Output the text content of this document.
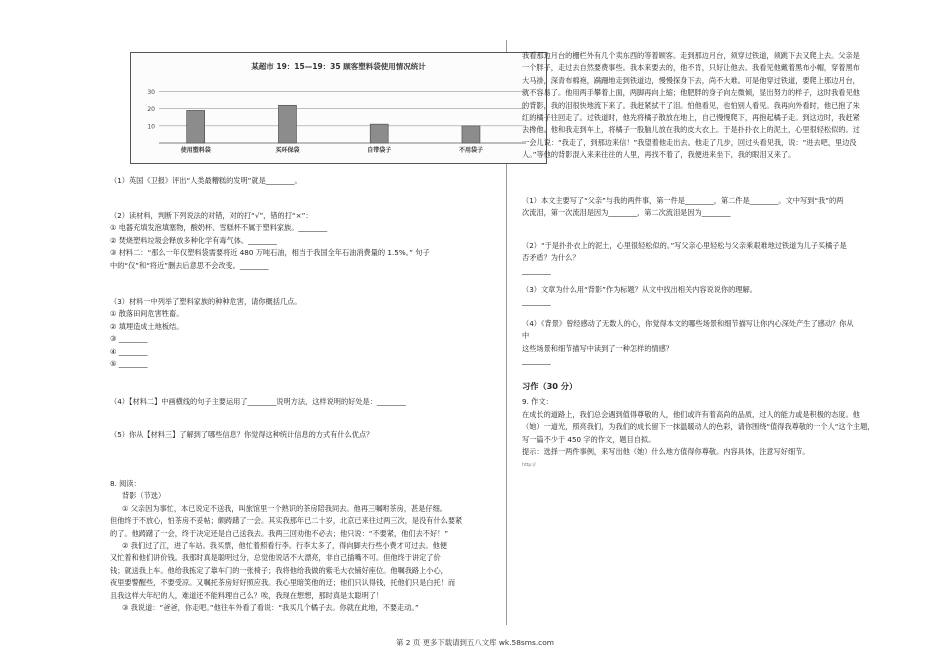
某超市 19：15—19：35 顾客塑料袋使用情况统计
30
20
10
使用塑料袋	买环保袋	自带袋子	不用袋子
（1）英国《卫报》评出“人类最糟糕的发明”就是________。
（2）读材料，判断下列说法的对错，对的打“√”，错的打“×”：
① 电器充填发泡填塞物，酸奶杯、雪糕杯不属于塑料家族。________
② 焚烧塑料垃圾会释放多种化学有毒气体。________
③ 材料二：“那么一年仅塑料袋需要将近 480 万吨石油，相当于我国全年石油消费量的 1.5%。” 句子
中的“仅”和“将近”删去后意思不会改变。________
（3）材料一中列举了塑料家族的种种危害，请你概括几点。
① 散落田间危害牲畜。
② 填埋造成土地板结。
③ ________
④ ________
⑤ ________
（4）【材料二】中画横线的句子主要运用了________说明方法，这样说明的好处是：________
（5）你从【材料三】了解到了哪些信息？你觉得这种统计信息的方式有什么优点？
8. 阅读：
背影（节选）
① 父亲因为事忙，本已说定不送我，叫旅馆里一个熟识的茶房陪我同去。他再三嘱咐茶房，甚是仔细。
但他终于不放心，怕茶房不妥帖；颇踌躇了一会。其实我那年已二十岁，北京已来往过两三次，是没有什么要紧
的了。他踌躇了一会，终于决定还是自己送我去。我两三回劝他不必去；他只说：“不要紧，他们去不好！”
② 我们过了江，进了车站。我买票，他忙着照看行李。行李太多了，得向脚夫行些小费才可过去。他便
又忙着和他们讲价钱。我那时真是聪明过分，总觉他说话不大漂亮，非自己插嘴不可。但他终于讲定了价
钱；就送我上车。他给我拣定了靠车门的一张椅子；我将他给我做的紫毛大衣铺好座位。他嘱我路上小心，
夜里要警醒些，不要受凉。又嘱托茶房好好照应我。我心里暗笑他的迂；他们只认得钱，托他们只是白托！而
且我这样大年纪的人，难道还不能料理自己么？唉，我现在想想，那时真是太聪明了！
③ 我说道：“爸爸，你走吧。”他往车外看了看说：“我买几个橘子去。你就在此地，不要走动。”
我看那边月台的栅栏外有几个卖东西的等着顾客。走到那边月台，须穿过铁道，须跳下去又爬上去。父亲是
一个胖子，走过去自然要费事些。我本来要去的，他不肯，只好让他去。我看见他戴着黑布小帽，穿着黑布
大马褂，深青布棉袍，蹒跚地走到铁道边，慢慢探身下去，尚不大难。可是他穿过铁道，要爬上那边月台，
就不容易了。他用两手攀着上面，两脚再向上缩；他肥胖的身子向左微倾，显出努力的样子，这时我看见他
的背影，我的泪很快地流下来了。我赶紧拭干了泪。怕他看见，也怕别人看见。我再向外看时，他已抱了朱
红的橘子往回走了。过铁道时，他先将橘子散放在地上，自己慢慢爬下，再抱起橘子走。到这边时，我赶紧
去搀他。他和我走到车上，将橘子一股脑儿放在我的皮大衣上。于是扑扑衣上的泥土，心里很轻松似的。过
一会儿说：“我走了，到那边来信！”我望着他走出去。他走了几步，回过头看见我，说：“进去吧，里边没
人。”等他的背影混入来来往往的人里，再找不着了，我便进来坐下，我的眼泪又来了。
（1）本文主要写了“父亲”与我的两件事，第一件是________，第二件是________。文中写到“我”的两
次流泪，第一次流泪是因为________，第二次流泪是因为________
（2）“于是扑扑衣上的泥土，心里很轻松似的。”写父亲心里轻松与父亲乘艰难地过铁道为儿子买橘子是
否矛盾？为什么？
________
（3）文章为什么用“背影”作为标题？从文中找出相关内容说说你的理解。
________
（4）《背景》曾经感动了无数人的心，你觉得本文的哪些场景和细节描写让你内心深处产生了感动？你从
中
这些场景和细节描写中读到了一种怎样的情感？
________
习作（30 分）
9. 作文：
在成长的道路上，我们总会遇到值得尊敬的人，他们或许有着高尚的品质，过人的能力或是积极的态度。他
（她）一道光，照亮我们，为我们的成长留下一抹温暖动人的色彩，请你围绕“值得我尊敬的一个人“这个主题，
写一篇不少于 450 字的作文，题目自拟。
提示：选择一两件事例，来写出他（她）什么地方值得你尊敬。内容具体，注意写好细节。
http://
第 2 页 更多下载请到五八文库 wk.58sms.com
